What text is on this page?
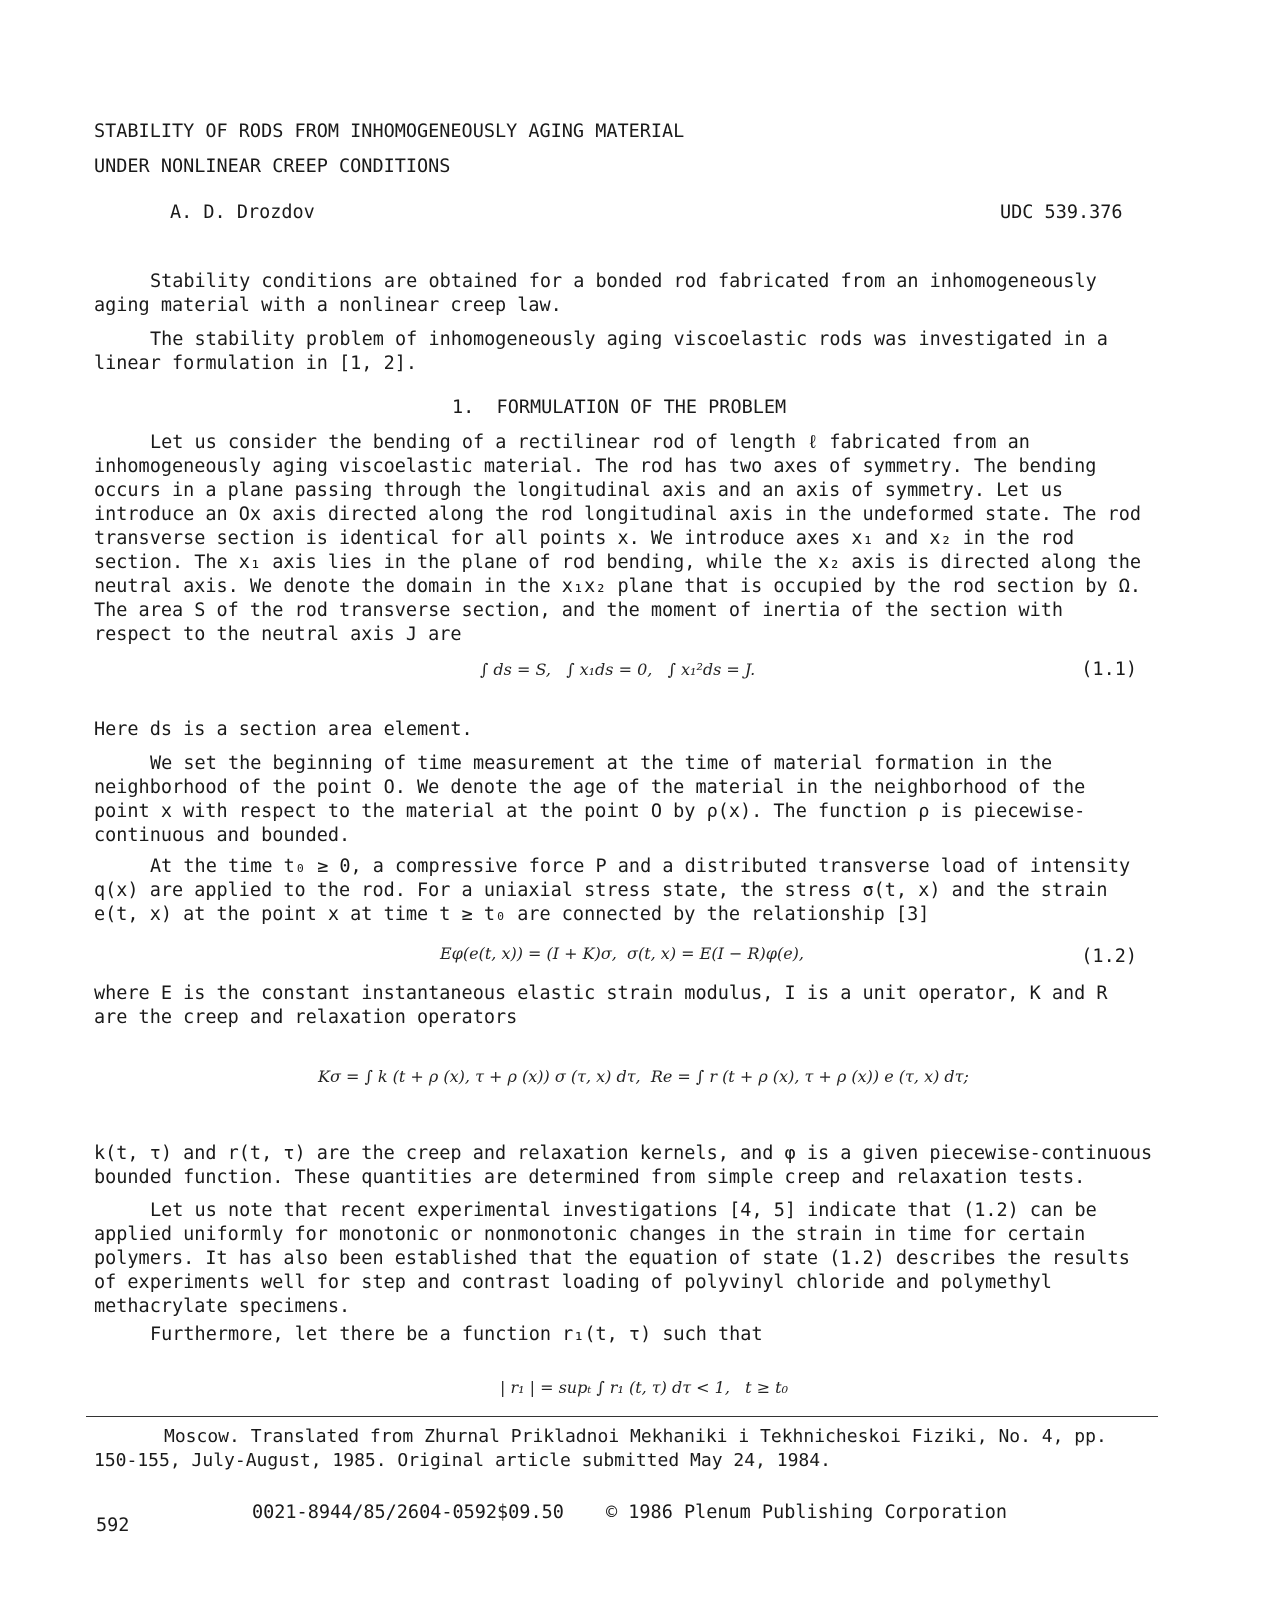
STABILITY OF RODS FROM INHOMOGENEOUSLY AGING MATERIAL
UNDER NONLINEAR CREEP CONDITIONS
A. D. Drozdov	UDC 539.376

Stability conditions are obtained for a bonded rod fabricated from an inhomogeneously aging material with a nonlinear creep law.

The stability problem of inhomogeneously aging viscoelastic rods was investigated in a linear formulation in [1, 2].

1.  FORMULATION OF THE PROBLEM

Let us consider the bending of a rectilinear rod of length ℓ fabricated from an inhomogeneously aging viscoelastic material. The rod has two axes of symmetry. The bending occurs in a plane passing through the longitudinal axis and an axis of symmetry. Let us introduce an Ox axis directed along the rod longitudinal axis in the undeformed state. The rod transverse section is identical for all points x. We introduce axes x₁ and x₂ in the rod section. The x₁ axis lies in the plane of rod bending, while the x₂ axis is directed along the neutral axis. We denote the domain in the x₁x₂ plane that is occupied by the rod section by Ω. The area S of the rod transverse section, and the moment of inertia of the section with respect to the neutral axis J are

∫ ds = S,   ∫ x₁ds = 0,   ∫ x₁²ds = J.	(1.1)

Here ds is a section area element.

We set the beginning of time measurement at the time of material formation in the neighborhood of the point O. We denote the age of the material in the neighborhood of the point x with respect to the material at the point O by ρ(x). The function ρ is piecewise-continuous and bounded.

At the time t₀ ≥ 0, a compressive force P and a distributed transverse load of intensity q(x) are applied to the rod. For a uniaxial stress state, the stress σ(t, x) and the strain e(t, x) at the point x at time t ≥ t₀ are connected by the relationship [3]

Eφ(e(t, x)) = (I + K)σ,  σ(t, x) = E(I − R)φ(e),	(1.2)

where E is the constant instantaneous elastic strain modulus, I is a unit operator, K and R are the creep and relaxation operators

Kσ = ∫ k (t + ρ (x), τ + ρ (x)) σ (τ, x) dτ,  Re = ∫ r (t + ρ (x), τ + ρ (x)) e (τ, x) dτ;

k(t, τ) and r(t, τ) are the creep and relaxation kernels, and φ is a given piecewise-continuous bounded function. These quantities are determined from simple creep and relaxation tests.

Let us note that recent experimental investigations [4, 5] indicate that (1.2) can be applied uniformly for monotonic or nonmonotonic changes in the strain in time for certain polymers. It has also been established that the equation of state (1.2) describes the results of experiments well for step and contrast loading of polyvinyl chloride and polymethyl methacrylate specimens.

Furthermore, let there be a function r₁(t, τ) such that

| r₁ | = supₜ ∫ r₁ (t, τ) dτ < 1,   t ≥ t₀

Moscow. Translated from Zhurnal Prikladnoi Mekhaniki i Tekhnicheskoi Fiziki, No. 4, pp. 150-155, July-August, 1985. Original article submitted May 24, 1984.

592
0021-8944/85/2604-0592$09.50 © 1986 Plenum Publishing Corporation
